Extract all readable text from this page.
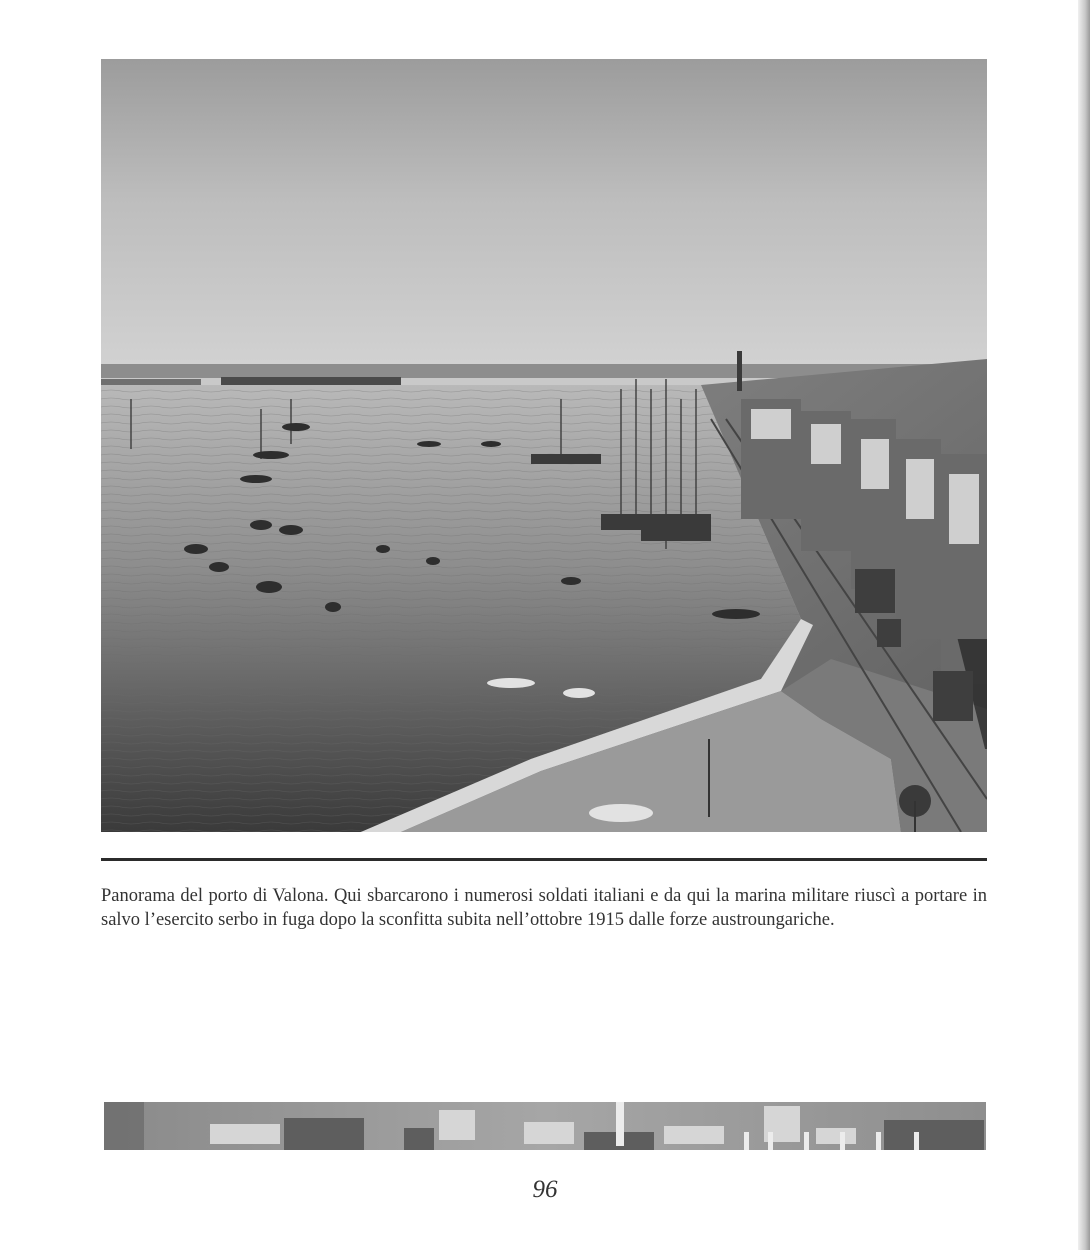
Panorama del porto di Valona. Qui sbarcarono i numerosi soldati italiani e da qui la marina militare riuscì a portare in salvo l’esercito serbo in fuga dopo la sconfitta subita nell’ottobre 1915 dalle forze austroungariche.

96
